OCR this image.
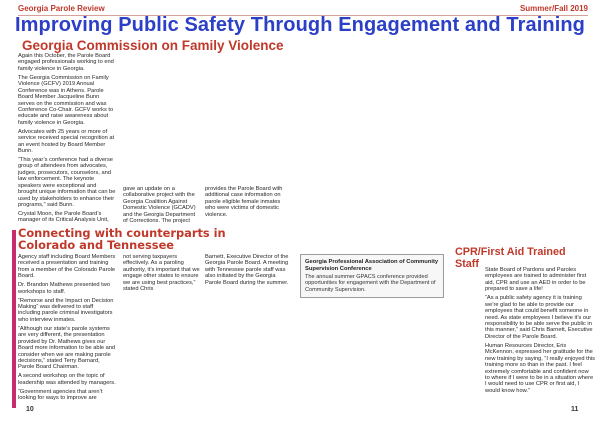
Georgia Parole Review	Summer/Fall 2019
Improving Public Safety Through Engagement and Training
Georgia Commission on Family Violence

Again this October, the Parole Board engaged professionals working to end family violence in Georgia.

The Georgia Commission on Family Violence (GCFV) 2019 Annual Conference was in Athens. Parole Board Member Jacqueline Bunn serves on the commission and was Conference Co-Chair. GCFV works to educate and raise awareness about family violence in Georgia.

Advocates with 25 years or more of service received special recognition at an event hosted by Board Member Bunn.

“This year’s conference had a diverse group of attendees from advocates, judges, prosecutors, counselors, and law enforcement. The keynote speakers were exceptional and brought unique information that can be used by stakeholders to enhance their programs,” said Bunn.

Crystal Moon, the Parole Board’s manager of its Critical Analysis Unit,

gave an update on a collaborative project with the Georgia Coalition Against Domestic Violence (GCADV) and the Georgia Department of Corrections. The project

provides the Parole Board with additional case information on parole eligible female inmates who were victims of domestic violence.

Connecting with counterparts in
Colorado and Tennessee

Agency staff including Board Members received a presentation and training from a member of the Colorado Parole Board.

Dr. Brandon Mathews presented two workshops to staff.

“Remorse and the Impact on Decision Making” was delivered to staff including parole criminal investigators who interview inmates.

“Although our state’s parole systems are very different, the presentation provided by Dr. Mathews gives our Board more information to be able and consider when we are making parole decisions,” stated Terry Barnard, Parole Board Chairman.

A second workshop on the topic of leadership was attended by managers.

“Government agencies that aren’t looking for ways to improve are

not serving taxpayers effectively. As a paroling authority, it’s important that we engage other states to ensure we are using best practices,” stated Chris

Barnett, Executive Director of the Georgia Parole Board. A meeting with Tennessee parole staff was also initiated by the Georgia Parole Board during the summer.

Georgia Professional Association of Community Supervision Conference
The annual summer GPACS conference provided opportunities for engagement with the Department of Community Supervision.
CPR/First Aid Trained
Staff

State Board of Pardons and Paroles employees are trained to administer first aid, CPR and use an AED in order to be prepared to save a life!

“As a public safety agency it is training we’re glad to be able to provide our employees that could benefit someone in need. As state employees I believe it’s our responsibility to be able serve the public in this manner,” said Chris Barnett, Executive Director of the Parole Board.

Human Resources Director, Eris McKennon, expressed her gratitude for the new training by saying, “I really enjoyed this training more so than in the past. I feel extremely comfortable and confident now to where if I were to be in a situation where I would need to use CPR or first aid, I would know how.”

10	11
